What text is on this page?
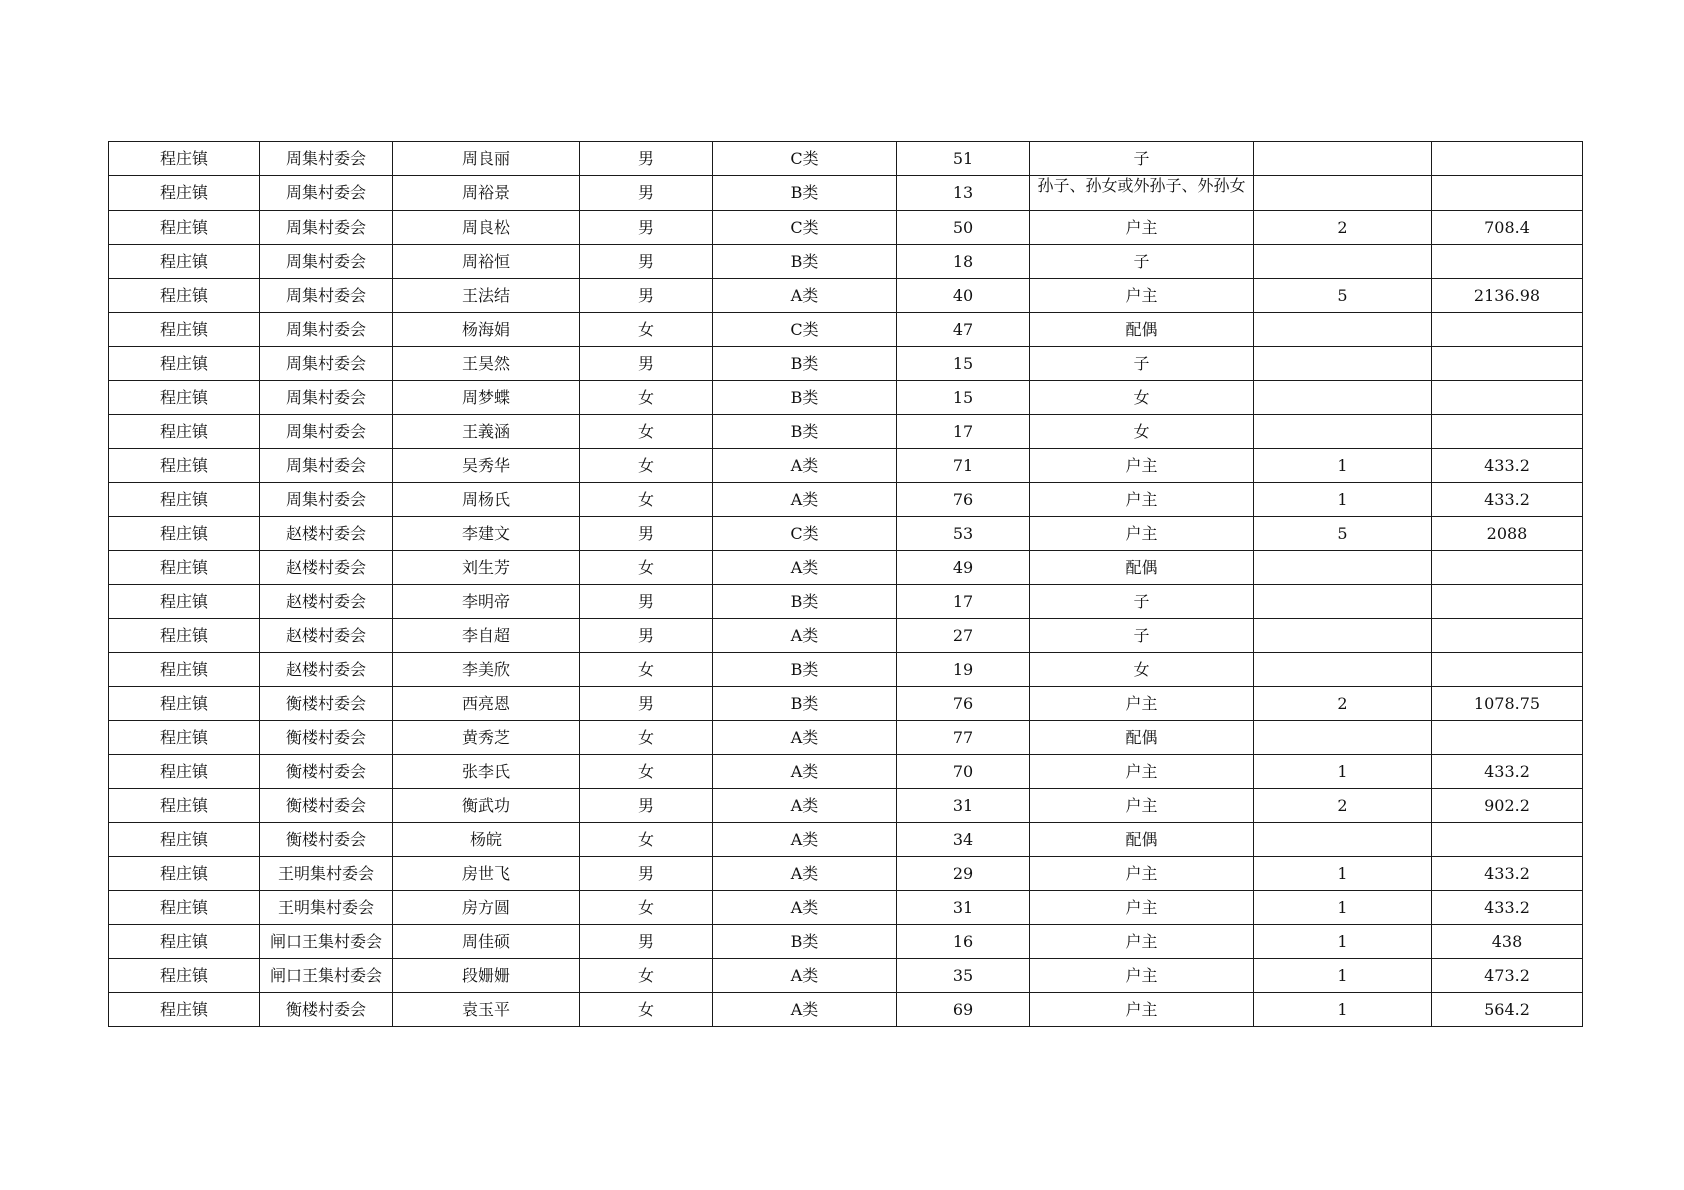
程庄镇	周集村委会	周良丽	男	C类	51	子		
程庄镇	周集村委会	周裕景	男	B类	13	孙子、孙女或外孙子、外孙女		
程庄镇	周集村委会	周良松	男	C类	50	户主	2	708.4
程庄镇	周集村委会	周裕恒	男	B类	18	子		
程庄镇	周集村委会	王法结	男	A类	40	户主	5	2136.98
程庄镇	周集村委会	杨海娟	女	C类	47	配偶		
程庄镇	周集村委会	王昊然	男	B类	15	子		
程庄镇	周集村委会	周梦蝶	女	B类	15	女		
程庄镇	周集村委会	王義涵	女	B类	17	女		
程庄镇	周集村委会	吴秀华	女	A类	71	户主	1	433.2
程庄镇	周集村委会	周杨氏	女	A类	76	户主	1	433.2
程庄镇	赵楼村委会	李建文	男	C类	53	户主	5	2088
程庄镇	赵楼村委会	刘生芳	女	A类	49	配偶		
程庄镇	赵楼村委会	李明帝	男	B类	17	子		
程庄镇	赵楼村委会	李自超	男	A类	27	子		
程庄镇	赵楼村委会	李美欣	女	B类	19	女		
程庄镇	衡楼村委会	西亮恩	男	B类	76	户主	2	1078.75
程庄镇	衡楼村委会	黄秀芝	女	A类	77	配偶		
程庄镇	衡楼村委会	张李氏	女	A类	70	户主	1	433.2
程庄镇	衡楼村委会	衡武功	男	A类	31	户主	2	902.2
程庄镇	衡楼村委会	杨皖	女	A类	34	配偶		
程庄镇	王明集村委会	房世飞	男	A类	29	户主	1	433.2
程庄镇	王明集村委会	房方圆	女	A类	31	户主	1	433.2
程庄镇	闸口王集村委会	周佳硕	男	B类	16	户主	1	438
程庄镇	闸口王集村委会	段姗姗	女	A类	35	户主	1	473.2
程庄镇	衡楼村委会	袁玉平	女	A类	69	户主	1	564.2
